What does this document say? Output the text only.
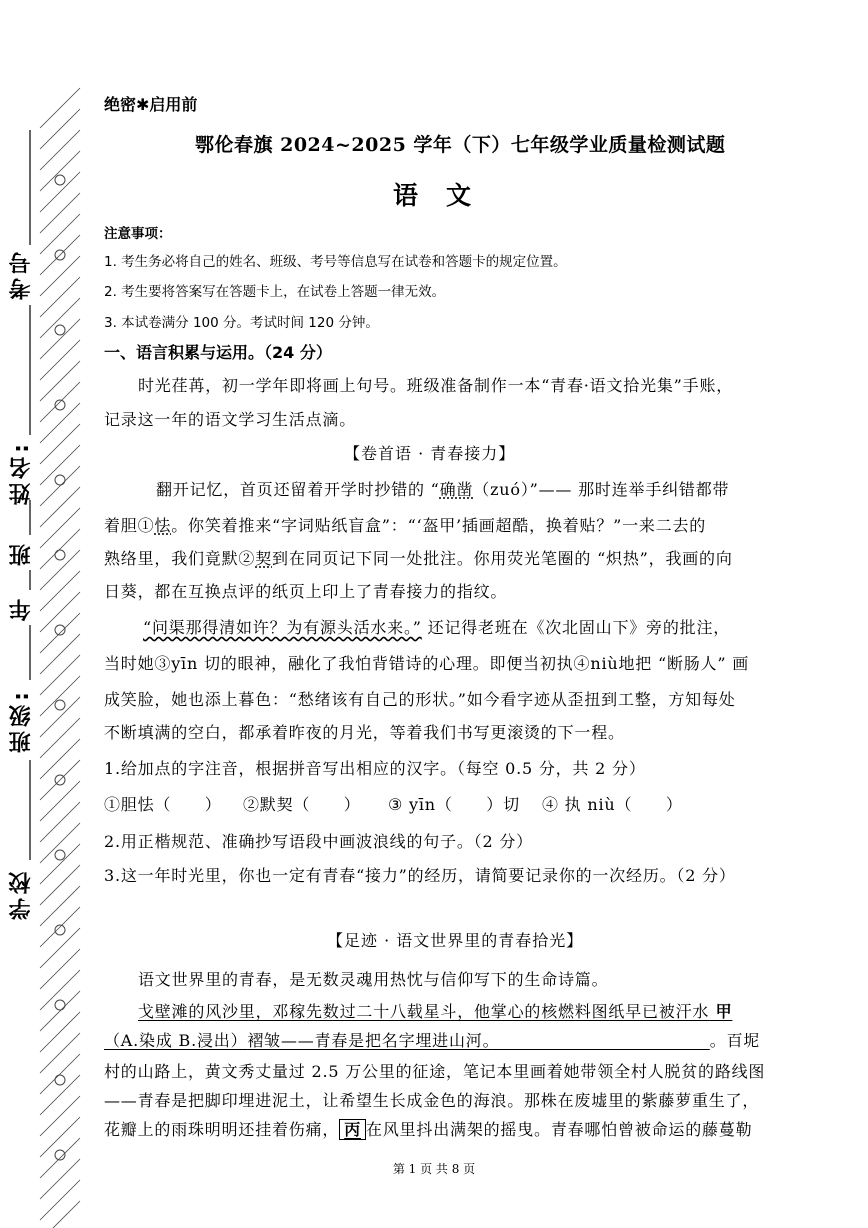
考号
姓名:
班
年
班级:
学校
绝密✱启用前
鄂伦春旗 2024~2025 学年（下）七年级学业质量检测试题
语文
注意事项：
1. 考生务必将自己的姓名、班级、考号等信息写在试卷和答题卡的规定位置。
2. 考生要将答案写在答题卡上，在试卷上答题一律无效。
3. 本试卷满分 100 分。考试时间 120 分钟。
一、语言积累与运用。（24 分）
时光荏苒，初一学年即将画上句号。班级准备制作一本“青春·语文拾光集”手账，
记录这一年的语文学习生活点滴。
【卷首语 · 青春接力】
翻开记忆，首页还留着开学时抄错的 “确凿（zuó）”—— 那时连举手纠错都带
着胆①怯。你笑着推来“字词贴纸盲盒”：“‘盔甲’插画超酷，换着贴？”一来二去的
熟络里，我们竟默②契到在同页记下同一处批注。你用荧光笔圈的 “炽热”，我画的向
日葵，都在互换点评的纸页上印上了青春接力的指纹。
“问渠那得清如许？为有源头活水来。” 还记得老班在《次北固山下》旁的批注，
当时她③yīn 切的眼神，融化了我怕背错诗的心理。即便当初执④niù地把 “断肠人” 画
成笑脸，她也添上暮色：“愁绪该有自己的形状。”如今看字迹从歪扭到工整，方知每处
不断填满的空白，都承着昨夜的月光，等着我们书写更滚烫的下一程。
1.给加点的字注音，根据拼音写出相应的汉字。（每空 0.5 分，共 2 分）
①胆怯（　　） ②默契（　　） ③ yīn（　　）切 ④ 执 niù（　　）
2.用正楷规范、准确抄写语段中画波浪线的句子。（2 分）
3.这一年时光里，你也一定有青春“接力”的经历，请简要记录你的一次经历。（2 分）
【足迹 · 语文世界里的青春拾光】
语文世界里的青春，是无数灵魂用热忱与信仰写下的生命诗篇。
戈壁滩的风沙里，邓稼先数过二十八载星斗，他掌心的核燃料图纸早已被汗水 甲
（A.染成 B.浸出）褶皱——青春是把名字埋进山河。　　　　　　　　　　　　　	。百坭
村的山路上，黄文秀丈量过 2.5 万公里的征途，笔记本里画着她带领全村人脱贫的路线图
——青春是把脚印埋进泥土，让希望生长成金色的海浪。那株在废墟里的紫藤萝重生了，
花瓣上的雨珠明明还挂着伤痛， 丙 在风里抖出满架的摇曳。青春哪怕曾被命运的藤蔓勒
第 1 页 共 8 页
